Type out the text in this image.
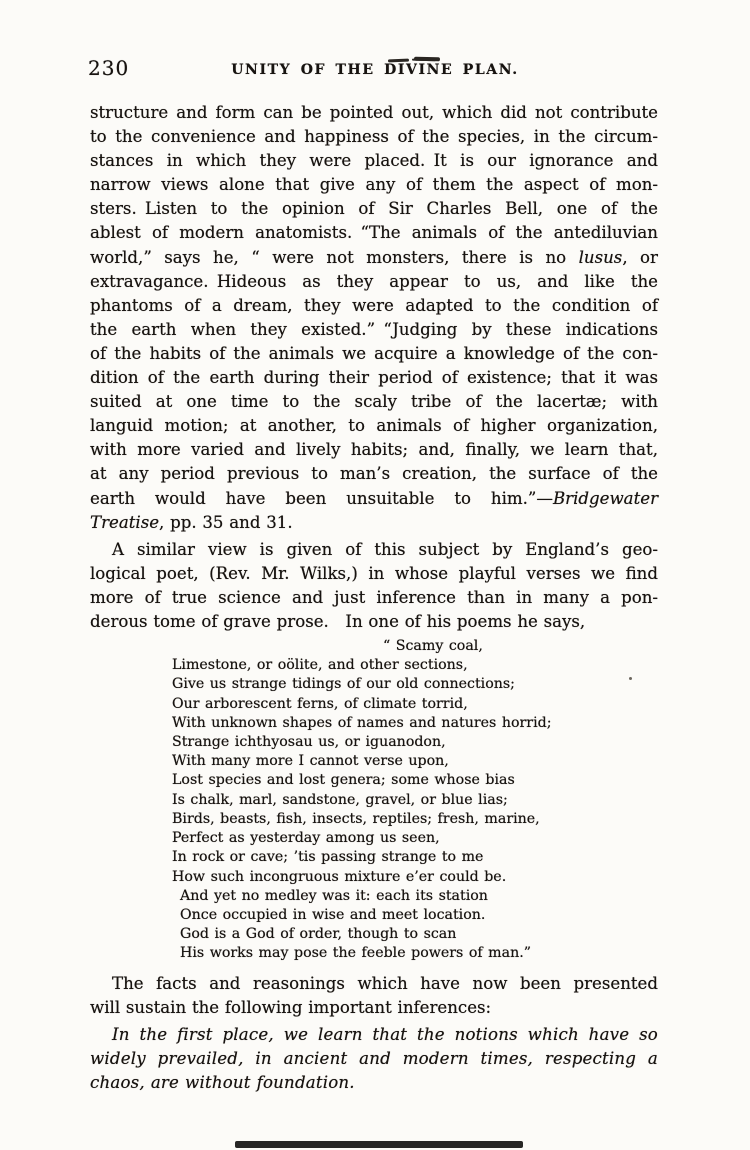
230	UNITY OF THE DIVINE PLAN.
structure and form can be pointed out, which did not contribute
to the convenience and happiness of the species, in the circum-
stances in which they were placed. It is our ignorance and
narrow views alone that give any of them the aspect of mon-
sters. Listen to the opinion of Sir Charles Bell, one of the
ablest of modern anatomists. “The animals of the antediluvian
world,” says he, “ were not monsters, there is no lusus, or
extravagance. Hideous as they appear to us, and like the
phantoms of a dream, they were adapted to the condition of
the earth when they existed.” “Judging by these indications
of the habits of the animals we acquire a knowledge of the con-
dition of the earth during their period of existence; that it was
suited at one time to the scaly tribe of the lacertæ; with
languid motion; at another, to animals of higher organization,
with more varied and lively habits; and, finally, we learn that,
at any period previous to man’s creation, the surface of the
earth would have been unsuitable to him.”—Bridgewater
Treatise, pp. 35 and 31.
A similar view is given of this subject by England’s geo-
logical poet, (Rev. Mr. Wilks,) in whose playful verses we find
more of true science and just inference than in many a pon-
derous tome of grave prose.  In one of his poems he says,
“ Scamy coal,
Limestone, or oölite, and other sections,
Give us strange tidings of our old connections;
Our arborescent ferns, of climate torrid,
With unknown shapes of names and natures horrid;
Strange ichthyosau us, or iguanodon,
With many more I cannot verse upon,
Lost species and lost genera; some whose bias
Is chalk, marl, sandstone, gravel, or blue lias;
Birds, beasts, fish, insects, reptiles; fresh, marine,
Perfect as yesterday among us seen,
In rock or cave; ’tis passing strange to me
How such incongruous mixture e’er could be.
And yet no medley was it: each its station
Once occupied in wise and meet location.
God is a God of order, though to scan
His works may pose the feeble powers of man.”
The facts and reasonings which have now been presented
will sustain the following important inferences:
In the first place, we learn that the notions which have so
widely prevailed, in ancient and modern times, respecting a
chaos, are without foundation.
